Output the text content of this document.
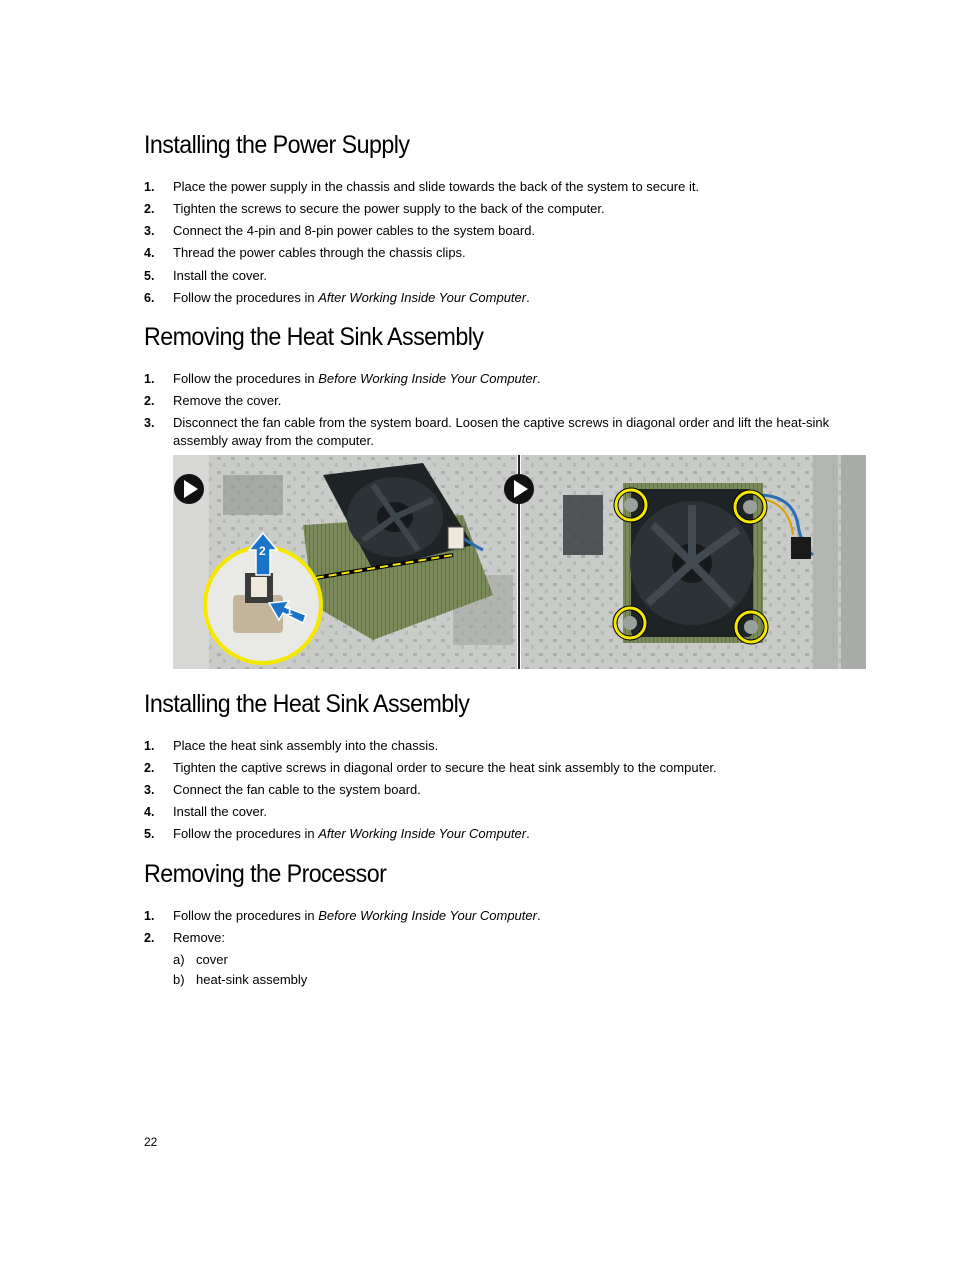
Installing the Power Supply
1. Place the power supply in the chassis and slide towards the back of the system to secure it.
2. Tighten the screws to secure the power supply to the back of the computer.
3. Connect the 4-pin and 8-pin power cables to the system board.
4. Thread the power cables through the chassis clips.
5. Install the cover.
6. Follow the procedures in After Working Inside Your Computer.
Removing the Heat Sink Assembly
1. Follow the procedures in Before Working Inside Your Computer.
2. Remove the cover.
3. Disconnect the fan cable from the system board. Loosen the captive screws in diagonal order and lift the heat-sink assembly away from the computer.
2
1
Installing the Heat Sink Assembly
1. Place the heat sink assembly into the chassis.
2. Tighten the captive screws in diagonal order to secure the heat sink assembly to the computer.
3. Connect the fan cable to the system board.
4. Install the cover.
5. Follow the procedures in After Working Inside Your Computer.
Removing the Processor
1. Follow the procedures in Before Working Inside Your Computer.
2. Remove:
a) cover
b) heat-sink assembly
22
